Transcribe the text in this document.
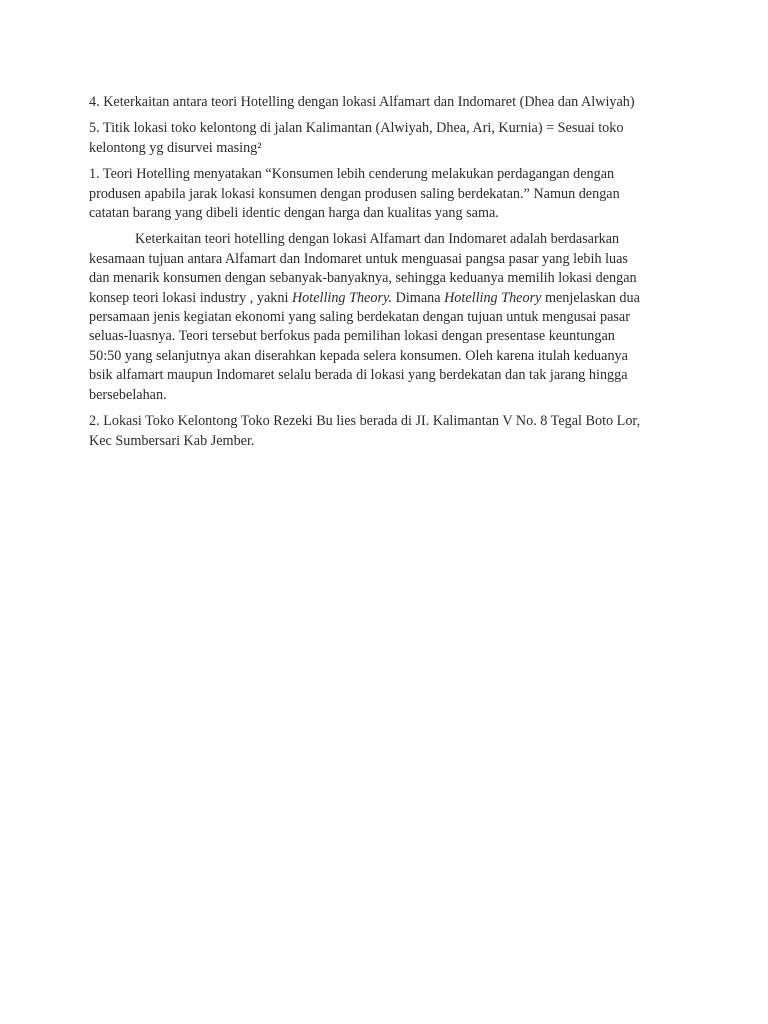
4. Keterkaitan antara teori Hotelling dengan lokasi Alfamart dan Indomaret (Dhea dan Alwiyah)

5. Titik lokasi toko kelontong di jalan Kalimantan (Alwiyah, Dhea, Ari, Kurnia) = Sesuai toko
kelontong yg disurvei masing²

1. Teori Hotelling menyatakan “Konsumen lebih cenderung melakukan perdagangan dengan
produsen apabila jarak lokasi konsumen dengan produsen saling berdekatan.” Namun dengan
catatan barang yang dibeli identic dengan harga dan kualitas yang sama.

Keterkaitan teori hotelling dengan lokasi Alfamart dan Indomaret adalah berdasarkan
kesamaan tujuan antara Alfamart dan Indomaret untuk menguasai pangsa pasar yang lebih luas
dan menarik konsumen dengan sebanyak-banyaknya, sehingga keduanya memilih lokasi dengan
konsep teori lokasi industry , yakni Hotelling Theory. Dimana Hotelling Theory menjelaskan dua
persamaan jenis kegiatan ekonomi yang saling berdekatan dengan tujuan untuk mengusai pasar
seluas-luasnya. Teori tersebut berfokus pada pemilihan lokasi dengan presentase keuntungan
50:50 yang selanjutnya akan diserahkan kepada selera konsumen. Oleh karena itulah keduanya
bsik alfamart maupun Indomaret selalu berada di lokasi yang berdekatan dan tak jarang hingga
bersebelahan.

2. Lokasi Toko Kelontong Toko Rezeki Bu lies berada di JI. Kalimantan V No. 8 Tegal Boto Lor,
Kec Sumbersari Kab Jember.
